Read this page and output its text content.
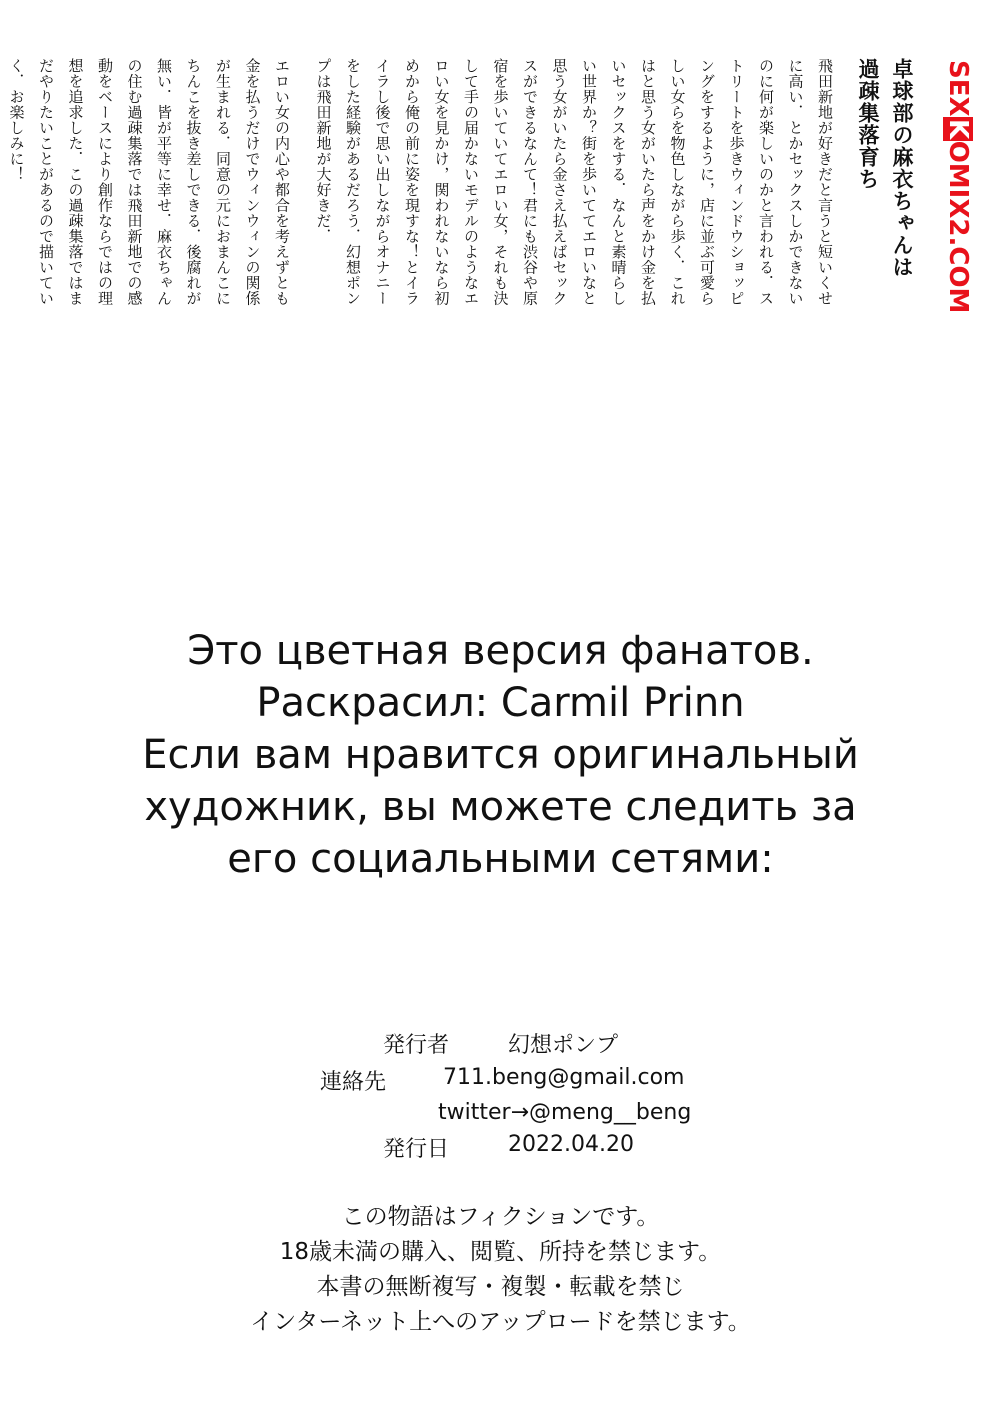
SEXKOMIX2.COM
卓球部の麻衣ちゃんは
過疎集落育ち
飛田新地が好きだと言うと短いくせ
に高い．とかセックスしかできない
のに何が楽しいのかと言われる．ス
トリートを歩きウィンドウショッピ
ングをするように，店に並ぶ可愛ら
しい女らを物色しながら歩く．これ
はと思う女がいたら声をかけ金を払
いセックスをする．なんと素晴らし
い世界か？街を歩いててエロいなと
思う女がいたら金さえ払えばセック
スができるなんて！君にも渋谷や原
宿を歩いていてエロい女，それも決
して手の届かないモデルのようなエ
ロい女を見かけ，関われないなら初
めから俺の前に姿を現すな！とイラ
イラし後で思い出しながらオナニー
をした経験があるだろう．幻想ポン
プは飛田新地が大好きだ．
エロい女の内心や都合を考えずとも
金を払うだけでウィンウィンの関係
が生まれる．同意の元におまんこに
ちんこを抜き差しできる．後腐れが
無い．皆が平等に幸せ．麻衣ちゃん
の住む過疎集落では飛田新地での感
動をベースにより創作ならではの理
想を追求した．この過疎集落ではま
だやりたいことがあるので描いてい
く．お楽しみに！
Это цветная версия фанатов.
Раскрасил: Carmil Prinn
Если вам нравится оригинальный
художник, вы можете следить за
его социальными сетями:
発行者	幻想ポンプ
連絡先	711.beng@gmail.com
twitter→@meng__beng
発行日	2022.04.20
この物語はフィクションです。
18歳未満の購入、閲覧、所持を禁じます。
本書の無断複写・複製・転載を禁じ
インターネット上へのアップロードを禁じます。
